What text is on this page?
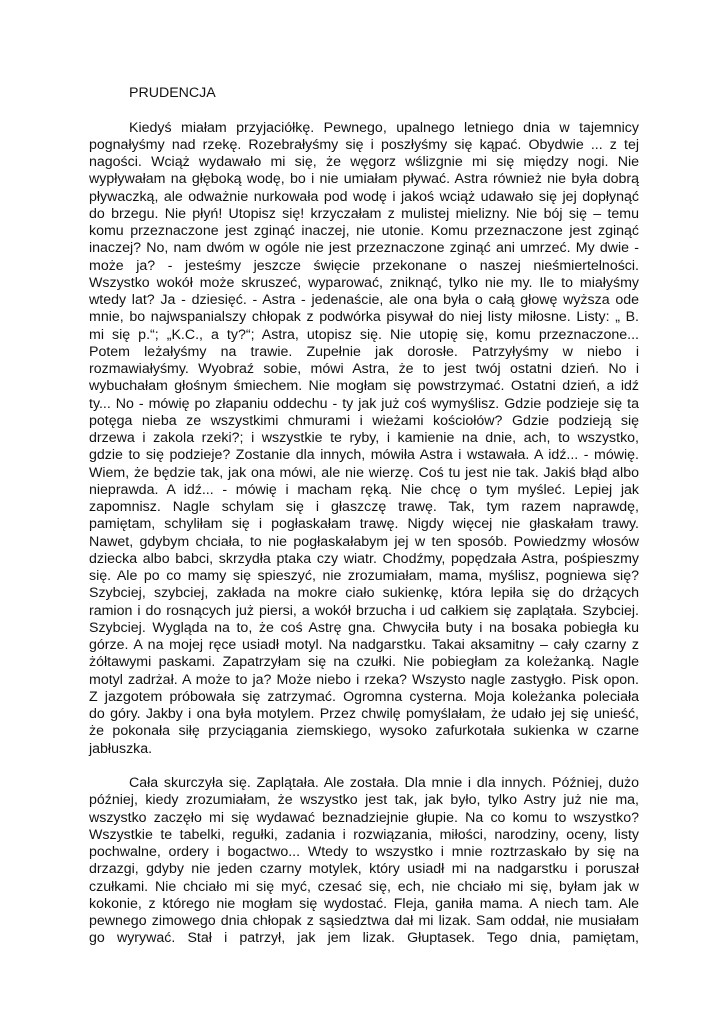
PRUDENCJA
Kiedyś miałam przyjaciółkę. Pewnego, upalnego letniego dnia w tajemnicy
pognałyśmy nad rzekę. Rozebrałyśmy się i poszłyśmy się kąpać. Obydwie ... z tej
nagości. Wciąż wydawało mi się, że węgorz wślizgnie mi się między nogi. Nie
wypływałam na głęboką wodę, bo i nie umiałam pływać. Astra również nie była dobrą
pływaczką, ale odważnie nurkowała pod wodę i jakoś wciąż udawało się jej dopłynąć
do brzegu. Nie płyń! Utopisz się! krzyczałam z mulistej mielizny. Nie bój się – temu
komu przeznaczone jest zginąć inaczej, nie utonie. Komu przeznaczone jest zginąć
inaczej? No, nam dwóm w ogóle nie jest przeznaczone zginąć ani umrzeć. My dwie -
może ja? - jesteśmy jeszcze święcie przekonane o naszej nieśmiertelności.
Wszystko wokół może skruszeć, wyparować, zniknąć, tylko nie my. Ile to miałyśmy
wtedy lat? Ja - dziesięć. - Astra - jedenaście, ale ona była o całą głowę wyższa ode
mnie, bo najwspanialszy chłopak z podwórka pisywał do niej listy miłosne. Listy: „ B.
mi się p.“; „K.C., a ty?“; Astra, utopisz się. Nie utopię się, komu przeznaczone...
Potem leżałyśmy na trawie. Zupełnie jak dorosłe. Patrzyłyśmy w niebo i
rozmawiałyśmy. Wyobraź sobie, mówi Astra, że to jest twój ostatni dzień. No i
wybuchałam głośnym śmiechem. Nie mogłam się powstrzymać. Ostatni dzień, a idź
ty... No - mówię po złapaniu oddechu - ty jak już coś wymyślisz. Gdzie podzieje się ta
potęga nieba ze wszystkimi chmurami i wieżami kościołów? Gdzie podzieją się
drzewa i zakola rzeki?; i wszystkie te ryby, i kamienie na dnie, ach, to wszystko,
gdzie to się podzieje? Zostanie dla innych, mówiła Astra i wstawała. A idź... - mówię.
Wiem, że będzie tak, jak ona mówi, ale nie wierzę. Coś tu jest nie tak. Jakiś błąd albo
nieprawda. A idź... - mówię i macham ręką. Nie chcę o tym myśleć. Lepiej jak
zapomnisz. Nagle schylam się i głaszczę trawę. Tak, tym razem naprawdę,
pamiętam, schyliłam się i pogłaskałam trawę. Nigdy więcej nie głaskałam trawy.
Nawet, gdybym chciała, to nie pogłaskałabym jej w ten sposób. Powiedzmy włosów
dziecka albo babci, skrzydła ptaka czy wiatr. Chodźmy, popędzała Astra, pośpieszmy
się. Ale po co mamy się spieszyć, nie zrozumiałam, mama, myślisz, pogniewa się?
Szybciej, szybciej, zakłada na mokre ciało sukienkę, która lepiła się do drżących
ramion i do rosnących już piersi, a wokół brzucha i ud całkiem się zaplątała. Szybciej.
Szybciej. Wygląda na to, że coś Astrę gna. Chwyciła buty i na bosaka pobiegła ku
górze. A na mojej ręce usiadł motyl. Na nadgarstku. Takai aksamitny – cały czarny z
żółtawymi paskami. Zapatrzyłam się na czułki. Nie pobiegłam za koleżanką. Nagle
motyl zadrżał. A może to ja? Może niebo i rzeka? Wszysto nagle zastygło. Pisk opon.
Z jazgotem próbowała się zatrzymać. Ogromna cysterna. Moja koleżanka poleciała
do góry. Jakby i ona była motylem. Przez chwilę pomyślałam, że udało jej się unieść,
że pokonała siłę przyciągania ziemskiego, wysoko zafurkotała sukienka w czarne
jabłuszka.
Cała skurczyła się. Zaplątała. Ale została. Dla mnie i dla innych. Później, dużo
później, kiedy zrozumiałam, że wszystko jest tak, jak było, tylko Astry już nie ma,
wszystko zaczęło mi się wydawać beznadziejnie głupie. Na co komu to wszystko?
Wszystkie te tabelki, regułki, zadania i rozwiązania, miłości, narodziny, oceny, listy
pochwalne, ordery i bogactwo... Wtedy to wszystko i mnie roztrzaskało by się na
drzazgi, gdyby nie jeden czarny motylek, który usiadł mi na nadgarstku i poruszał
czułkami. Nie chciało mi się myć, czesać się, ech, nie chciało mi się, byłam jak w
kokonie, z którego nie mogłam się wydostać. Fleja, ganiła mama. A niech tam. Ale
pewnego zimowego dnia chłopak z sąsiedztwa dał mi lizak. Sam oddał, nie musiałam
go wyrywać. Stał i patrzył, jak jem lizak. Głuptasek. Tego dnia, pamiętam,
